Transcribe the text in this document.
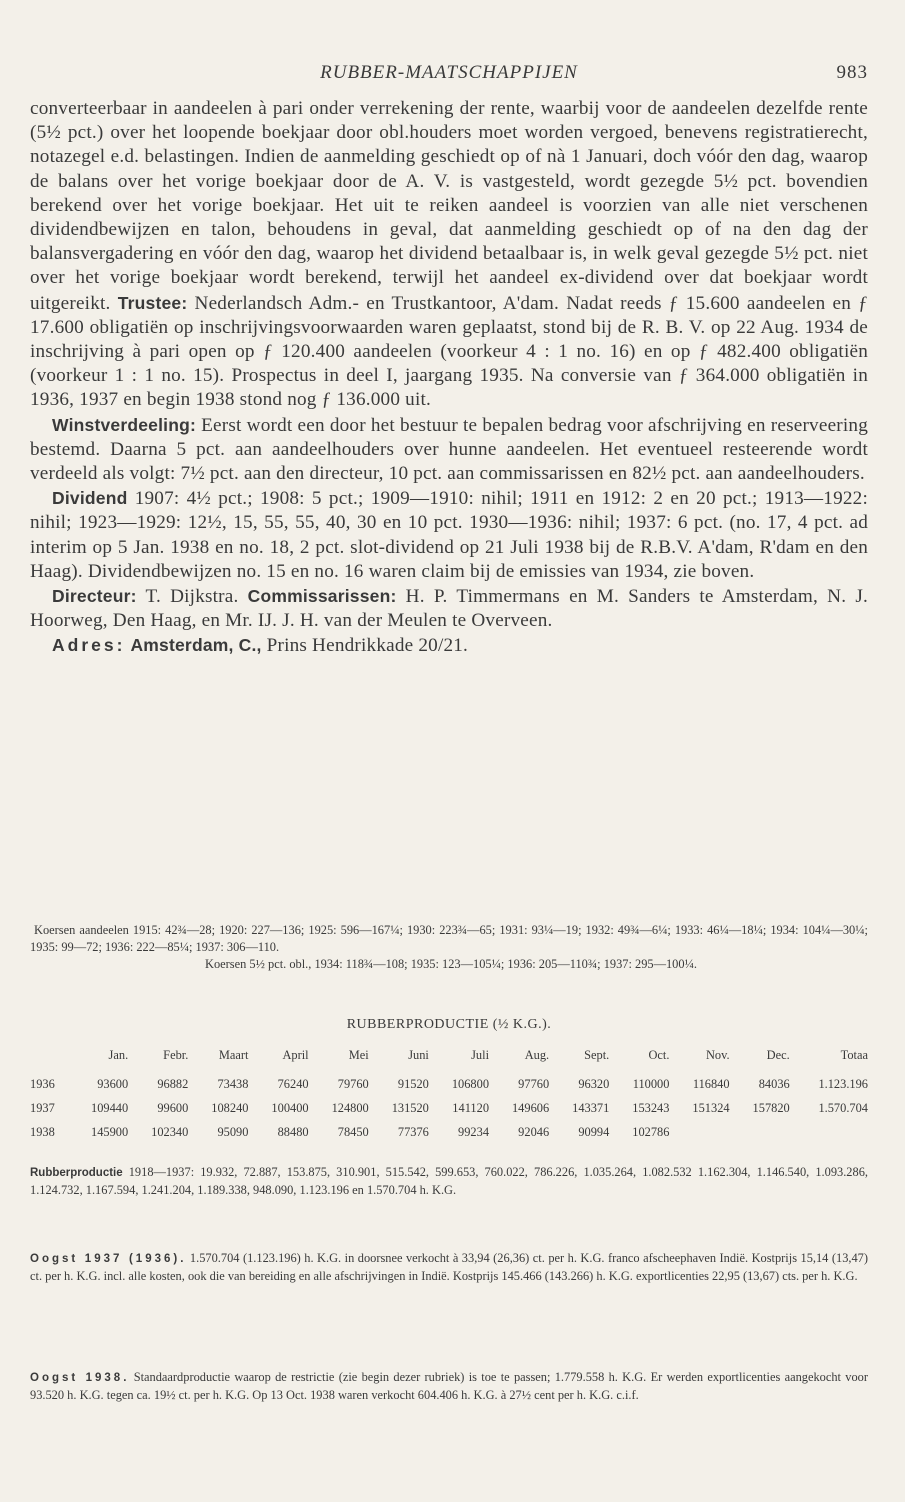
RUBBER-MAATSCHAPPIJEN	983

converteerbaar in aandeelen à pari onder verrekening der rente, waarbij voor de aandeelen dezelfde rente (5½ pct.) over het loopende boekjaar door obl.houders moet worden vergoed, benevens registratierecht, notazegel e.d. belastingen. Indien de aanmelding geschiedt op of nà 1 Januari, doch vóór den dag, waarop de balans over het vorige boekjaar door de A. V. is vastgesteld, wordt gezegde 5½ pct. bovendien berekend over het vorige boekjaar. Het uit te reiken aandeel is voorzien van alle niet verschenen dividendbewijzen en talon, behoudens in geval, dat aanmelding geschiedt op of na den dag der balansvergadering en vóór den dag, waarop het dividend betaalbaar is, in welk geval gezegde 5½ pct. niet over het vorige boekjaar wordt berekend, terwijl het aandeel ex-dividend over dat boekjaar wordt uitgereikt. Trustee: Nederlandsch Adm.- en Trustkantoor, A'dam. Nadat reeds ƒ 15.600 aandeelen en ƒ 17.600 obligatiën op inschrijvingsvoorwaarden waren geplaatst, stond bij de R. B. V. op 22 Aug. 1934 de inschrijving à pari open op ƒ 120.400 aandeelen (voorkeur 4 : 1 no. 16) en op ƒ 482.400 obligatiën (voorkeur 1 : 1 no. 15). Prospectus in deel I, jaargang 1935. Na conversie van ƒ 364.000 obligatiën in 1936, 1937 en begin 1938 stond nog ƒ 136.000 uit.

Winstverdeeling: Eerst wordt een door het bestuur te bepalen bedrag voor afschrijving en reserveering bestemd. Daarna 5 pct. aan aandeelhouders over hunne aandeelen. Het eventueel resteerende wordt verdeeld als volgt: 7½ pct. aan den directeur, 10 pct. aan commissarissen en 82½ pct. aan aandeelhouders.

Dividend 1907: 4½ pct.; 1908: 5 pct.; 1909—1910: nihil; 1911 en 1912: 2 en 20 pct.; 1913—1922: nihil; 1923—1929: 12½, 15, 55, 55, 40, 30 en 10 pct. 1930—1936: nihil; 1937: 6 pct. (no. 17, 4 pct. ad interim op 5 Jan. 1938 en no. 18, 2 pct. slot-dividend op 21 Juli 1938 bij de R.B.V. A'dam, R'dam en den Haag). Dividendbewijzen no. 15 en no. 16 waren claim bij de emissies van 1934, zie boven.

Directeur: T. Dijkstra. Commissarissen: H. P. Timmermans en M. Sanders te Amsterdam, N. J. Hoorweg, Den Haag, en Mr. IJ. J. H. van der Meulen te Overveen.

Adres: Amsterdam, C., Prins Hendrikkade 20/21.

Koersen aandeelen 1915: 42¾—28; 1920: 227—136; 1925: 596—167¼; 1930: 223¾—65; 1931: 93¼—19; 1932: 49¾—6¼; 1933: 46¼—18¼; 1934: 104¼—30¼; 1935: 99—72; 1936: 222—85¼; 1937: 306—110.

Koersen 5½ pct. obl., 1934: 118¾—108; 1935: 123—105¼; 1936: 205—110¾; 1937: 295—100¼.

RUBBERPRODUCTIE (½ K.G.).
	Jan.	Febr.	Maart	April	Mei	Juni	Juli	Aug.	Sept.	Oct.	Nov.	Dec.	Totaa
1936	93600	96882	73438	76240	79760	91520	106800	97760	96320	110000	116840	84036	1.123.196
1937	109440	99600	108240	100400	124800	131520	141120	149606	143371	153243	151324	157820	1.570.704
1938	145900	102340	95090	88480	78450	77376	99234	92046	90994	102786			

Rubberproductie 1918—1937: 19.932, 72.887, 153.875, 310.901, 515.542, 599.653, 760.022, 786.226, 1.035.264, 1.082.532 1.162.304, 1.146.540, 1.093.286, 1.124.732, 1.167.594, 1.241.204, 1.189.338, 948.090, 1.123.196 en 1.570.704 h. K.G.

Oogst 1937 (1936). 1.570.704 (1.123.196) h. K.G. in doorsnee verkocht à 33,94 (26,36) ct. per h. K.G. franco afscheephaven Indië. Kostprijs 15,14 (13,47) ct. per h. K.G. incl. alle kosten, ook die van bereiding en alle afschrijvingen in Indië. Kostprijs 145.466 (143.266) h. K.G. exportlicenties 22,95 (13,67) cts. per h. K.G.

Oogst 1938. Standaardproductie waarop de restrictie (zie begin dezer rubriek) is toe te passen; 1.779.558 h. K.G. Er werden exportlicenties aangekocht voor 93.520 h. K.G. tegen ca. 19½ ct. per h. K.G. Op 13 Oct. 1938 waren verkocht 604.406 h. K.G. à 27½ cent per h. K.G. c.i.f.
